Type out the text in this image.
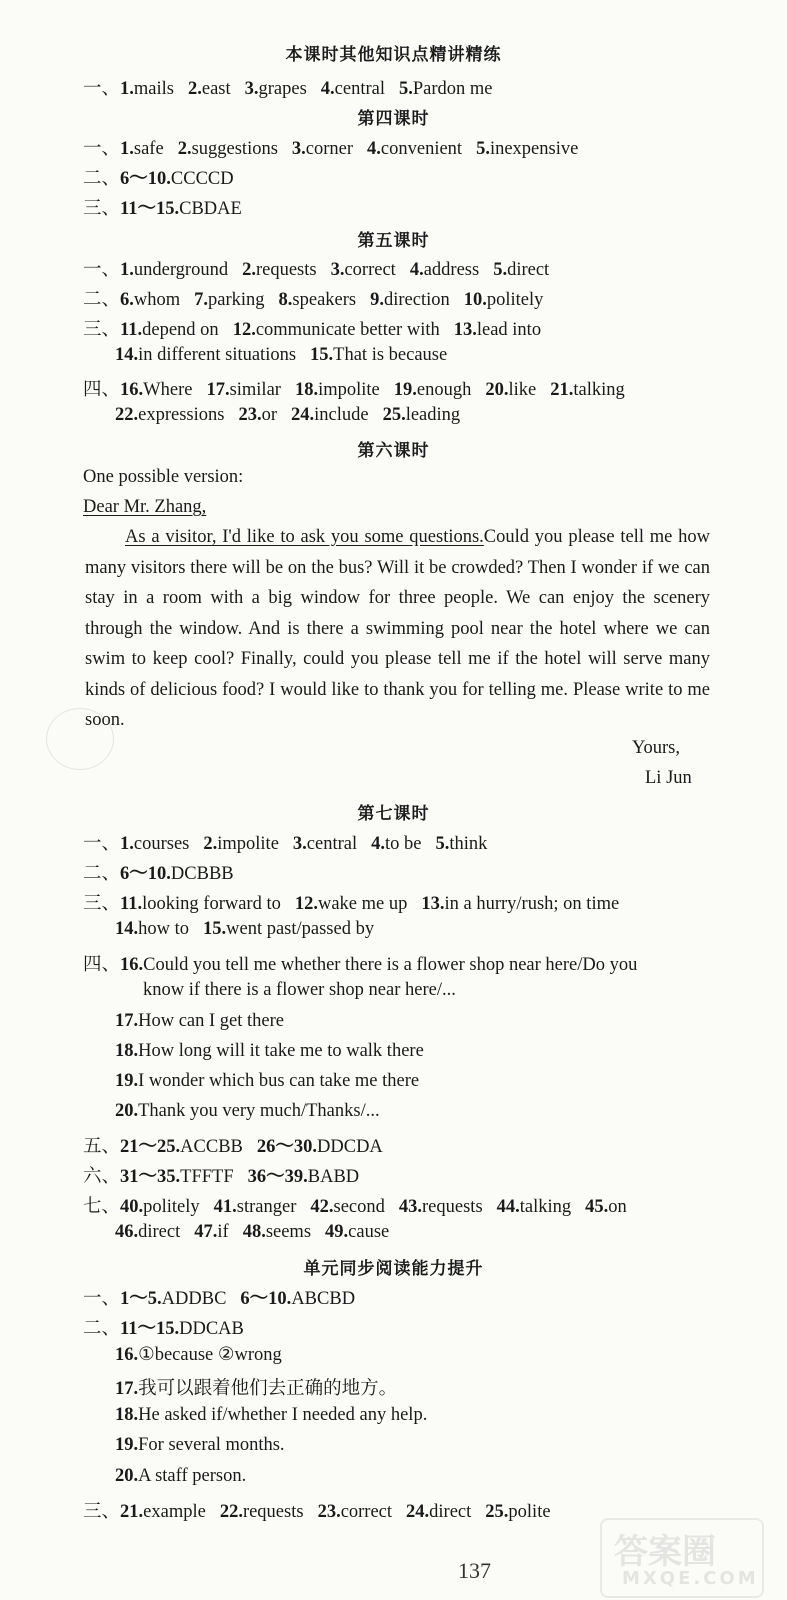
本课时其他知识点精讲精练
一、1.mails 2.east 3.grapes 4.central 5.Pardon me
第四课时
一、1.safe 2.suggestions 3.corner 4.convenient 5.inexpensive
二、6～10.CCCCD
三、11～15.CBDAE
第五课时
一、1.underground 2.requests 3.correct 4.address 5.direct
二、6.whom 7.parking 8.speakers 9.direction 10.politely
三、11.depend on 12.communicate better with 13.lead into
14.in different situations 15.That is because
四、16.Where 17.similar 18.impolite 19.enough 20.like 21.talking
22.expressions 23.or 24.include 25.leading
第六课时
One possible version:
Dear Mr. Zhang,
As a visitor, I'd like to ask you some questions.Could you please tell me how many visitors there will be on the bus? Will it be crowded? Then I wonder if we can stay in a room with a big window for three people. We can enjoy the scenery through the window. And is there a swimming pool near the hotel where we can swim to keep cool? Finally, could you please tell me if the hotel will serve many kinds of delicious food? I would like to thank you for telling me. Please write to me soon.
Yours,
Li Jun
第七课时
一、1.courses 2.impolite 3.central 4.to be 5.think
二、6～10.DCBBB
三、11.looking forward to 12.wake me up 13.in a hurry/rush; on time
14.how to 15.went past/passed by
四、16.Could you tell me whether there is a flower shop near here/Do you
know if there is a flower shop near here/...
17.How can I get there
18.How long will it take me to walk there
19.I wonder which bus can take me there
20.Thank you very much/Thanks/...
五、21～25.ACCBB 26～30.DDCDA
六、31～35.TFFTF 36～39.BABD
七、40.politely 41.stranger 42.second 43.requests 44.talking 45.on
46.direct 47.if 48.seems 49.cause
单元同步阅读能力提升
一、1～5.ADDBC 6～10.ABCBD
二、11～15.DDCAB
16.①because ②wrong
17.我可以跟着他们去正确的地方。
18.He asked if/whether I needed any help.
19.For several months.
20.A staff person.
三、21.example 22.requests 23.correct 24.direct 25.polite
137	答案圈
MXQE.COM
